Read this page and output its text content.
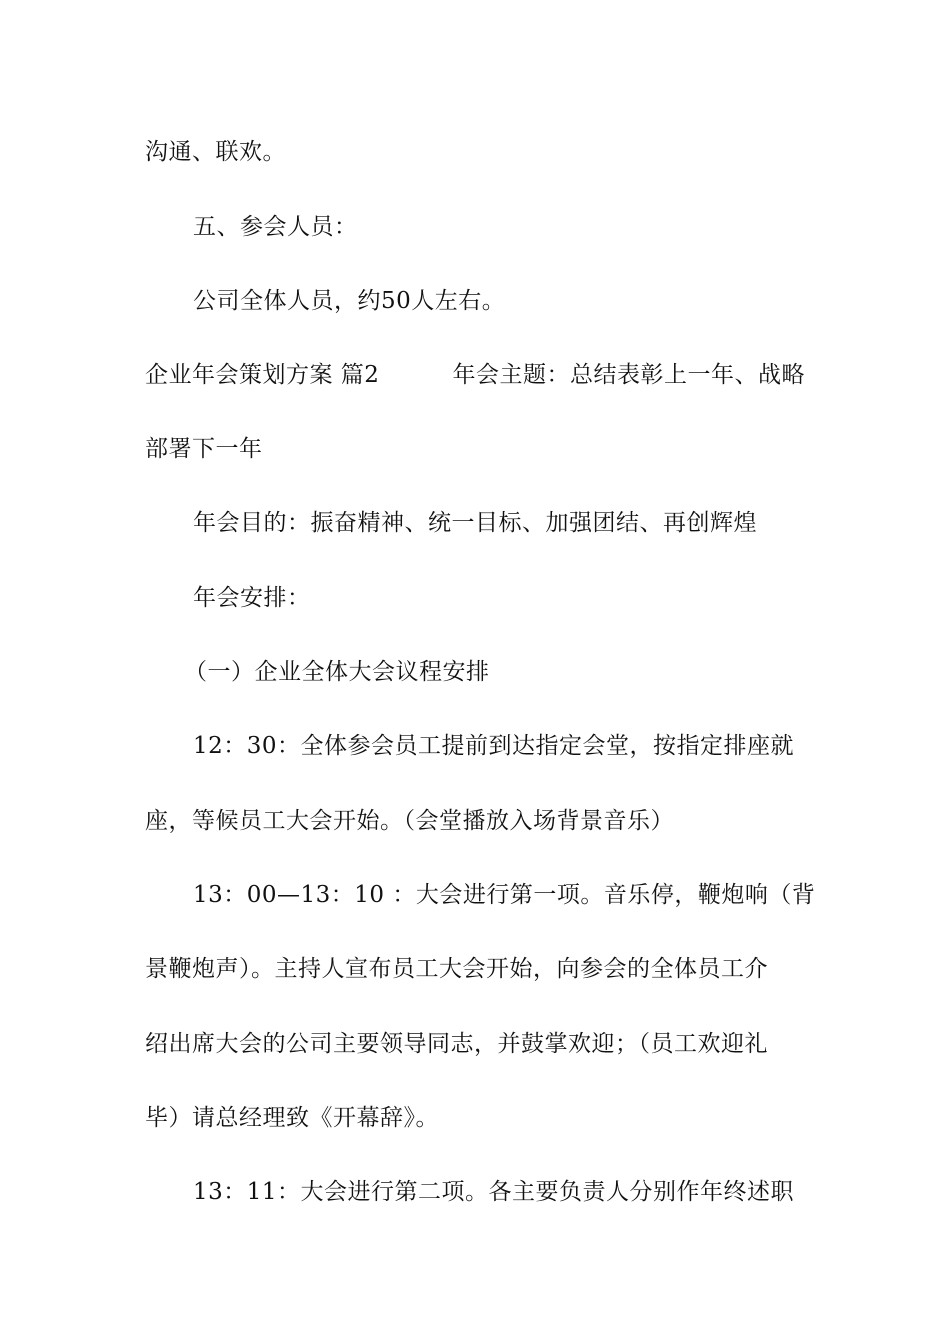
沟通、联欢。
五、参会人员：
公司全体人员，约50人左右。
企业年会策划方案 篇2	年会主题：总结表彰上一年、战略
部署下一年
年会目的：振奋精神、统一目标、加强团结、再创辉煌
年会安排：
（一）企业全体大会议程安排
12：30：全体参会员工提前到达指定会堂，按指定排座就
座，等候员工大会开始。（会堂播放入场背景音乐）
13：00—13：10 ：大会进行第一项。音乐停，鞭炮响（背
景鞭炮声）。主持人宣布员工大会开始，向参会的全体员工介
绍出席大会的公司主要领导同志，并鼓掌欢迎；（员工欢迎礼
毕）请总经理致《开幕辞》。
13：11：大会进行第二项。各主要负责人分别作年终述职
